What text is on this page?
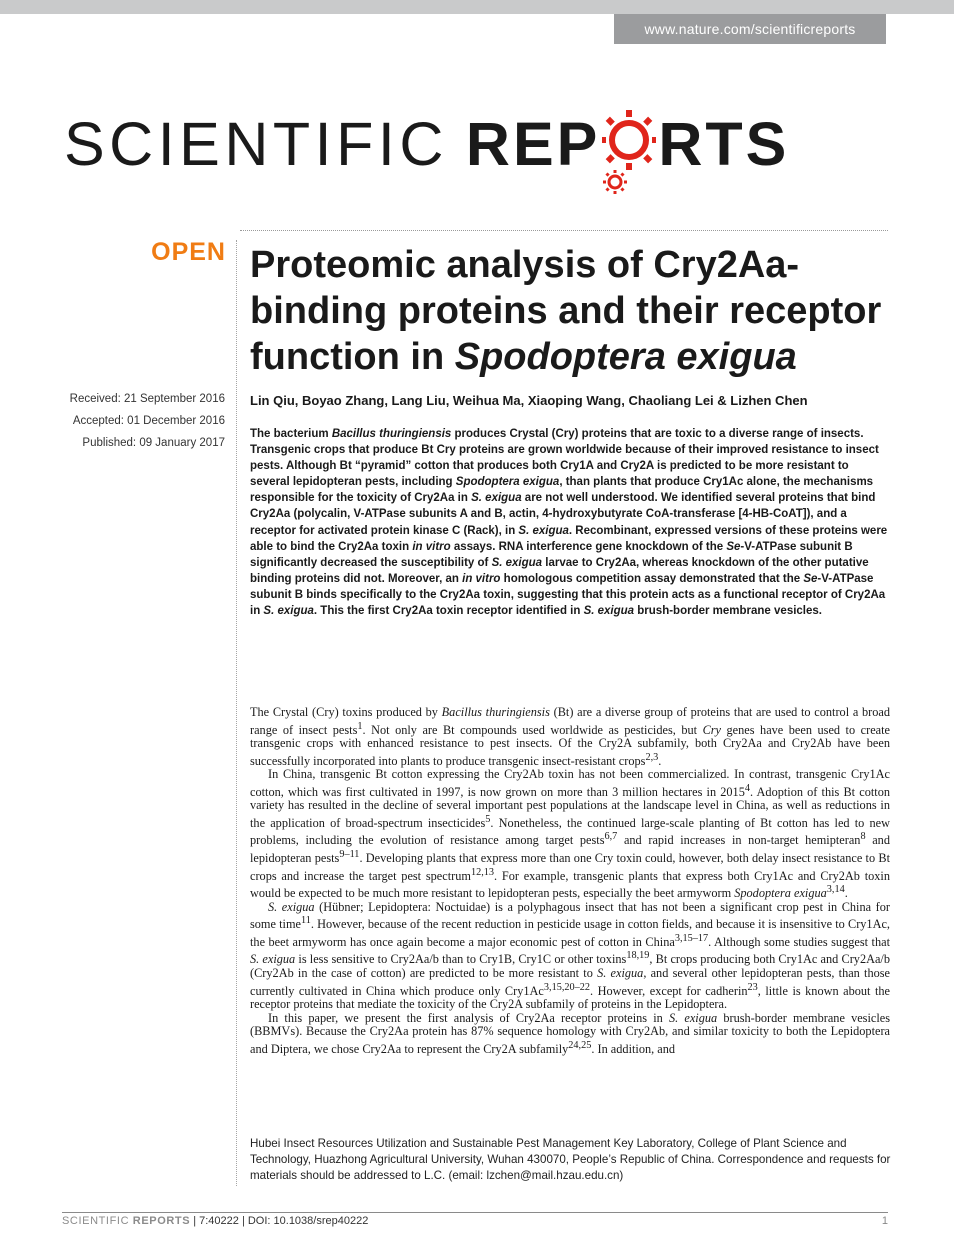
www.nature.com/scientificreports
SCIENTIFIC REP RTS
OPEN Proteomic analysis of Cry2Aa-
binding proteins and their receptor
function in Spodoptera exigua
Received: 21 September 2016
Accepted: 01 December 2016
Published: 09 January 2017
Lin Qiu, Boyao Zhang, Lang Liu, Weihua Ma, Xiaoping Wang, Chaoliang Lei & Lizhen Chen

The bacterium Bacillus thuringiensis produces Crystal (Cry) proteins that are toxic to a diverse range of insects. Transgenic crops that produce Bt Cry proteins are grown worldwide because of their improved resistance to insect pests. Although Bt “pyramid” cotton that produces both Cry1A and Cry2A is predicted to be more resistant to several lepidopteran pests, including Spodoptera exigua, than plants that produce Cry1Ac alone, the mechanisms responsible for the toxicity of Cry2Aa in S. exigua are not well understood. We identified several proteins that bind Cry2Aa (polycalin, V-ATPase subunits A and B, actin, 4-hydroxybutyrate CoA-transferase [4-HB-CoAT]), and a receptor for activated protein kinase C (Rack), in S. exigua. Recombinant, expressed versions of these proteins were able to bind the Cry2Aa toxin in vitro assays. RNA interference gene knockdown of the Se-V-ATPase subunit B significantly decreased the susceptibility of S. exigua larvae to Cry2Aa, whereas knockdown of the other putative binding proteins did not. Moreover, an in vitro homologous competition assay demonstrated that the Se-V-ATPase subunit B binds specifically to the Cry2Aa toxin, suggesting that this protein acts as a functional receptor of Cry2Aa in S. exigua. This the first Cry2Aa toxin receptor identified in S. exigua brush-border membrane vesicles.

The Crystal (Cry) toxins produced by Bacillus thuringiensis (Bt) are a diverse group of proteins that are used to control a broad range of insect pests$^1$. Not only are Bt compounds used worldwide as pesticides, but Cry genes have been used to create transgenic crops with enhanced resistance to pest insects. Of the Cry2A subfamily, both Cry2Aa and Cry2Ab have been successfully incorporated into plants to produce transgenic insect-resistant crops$^{2,3}$.

In China, transgenic Bt cotton expressing the Cry2Ab toxin has not been commercialized. In contrast, transgenic Cry1Ac cotton, which was first cultivated in 1997, is now grown on more than 3 million hectares in 2015$^4$. Adoption of this Bt cotton variety has resulted in the decline of several important pest populations at the landscape level in China, as well as reductions in the application of broad-spectrum insecticides$^5$. Nonetheless, the continued large-scale planting of Bt cotton has led to new problems, including the evolution of resistance among target pests$^{6,7}$ and rapid increases in non-target hemipteran$^8$ and lepidopteran pests$^{9-11}$. Developing plants that express more than one Cry toxin could, however, both delay insect resistance to Bt crops and increase the target pest spectrum$^{12,13}$. For example, transgenic plants that express both Cry1Ac and Cry2Ab toxin would be expected to be much more resistant to lepidopteran pests, especially the beet armyworm Spodoptera exigua$^{3,14}$.

S. exigua (Hübner; Lepidoptera: Noctuidae) is a polyphagous insect that has not been a significant crop pest in China for some time$^{11}$. However, because of the recent reduction in pesticide usage in cotton fields, and because it is insensitive to Cry1Ac, the beet armyworm has once again become a major economic pest of cotton in China$^{3,15-17}$. Although some studies suggest that S. exigua is less sensitive to Cry2Aa/b than to Cry1B, Cry1C or other toxins$^{18,19}$, Bt crops producing both Cry1Ac and Cry2Aa/b (Cry2Ab in the case of cotton) are predicted to be more resistant to S. exigua, and several other lepidopteran pests, than those currently cultivated in China which produce only Cry1Ac$^{3,15,20-22}$. However, except for cadherin$^{23}$, little is known about the receptor proteins that mediate the toxicity of the Cry2A subfamily of proteins in the Lepidoptera.

In this paper, we present the first analysis of Cry2Aa receptor proteins in S. exigua brush-border membrane vesicles (BBMVs). Because the Cry2Aa protein has 87% sequence homology with Cry2Ab, and similar toxicity to both the Lepidoptera and Diptera, we chose Cry2Aa to represent the Cry2A subfamily$^{24,25}$. In addition, and

Hubei Insect Resources Utilization and Sustainable Pest Management Key Laboratory, College of Plant Science and Technology, Huazhong Agricultural University, Wuhan 430070, People’s Republic of China. Correspondence and requests for materials should be addressed to L.C. (email: lzchen@mail.hzau.edu.cn)
SCIENTIFIC REPORTS | 7:40222 | DOI: 10.1038/srep40222	1
